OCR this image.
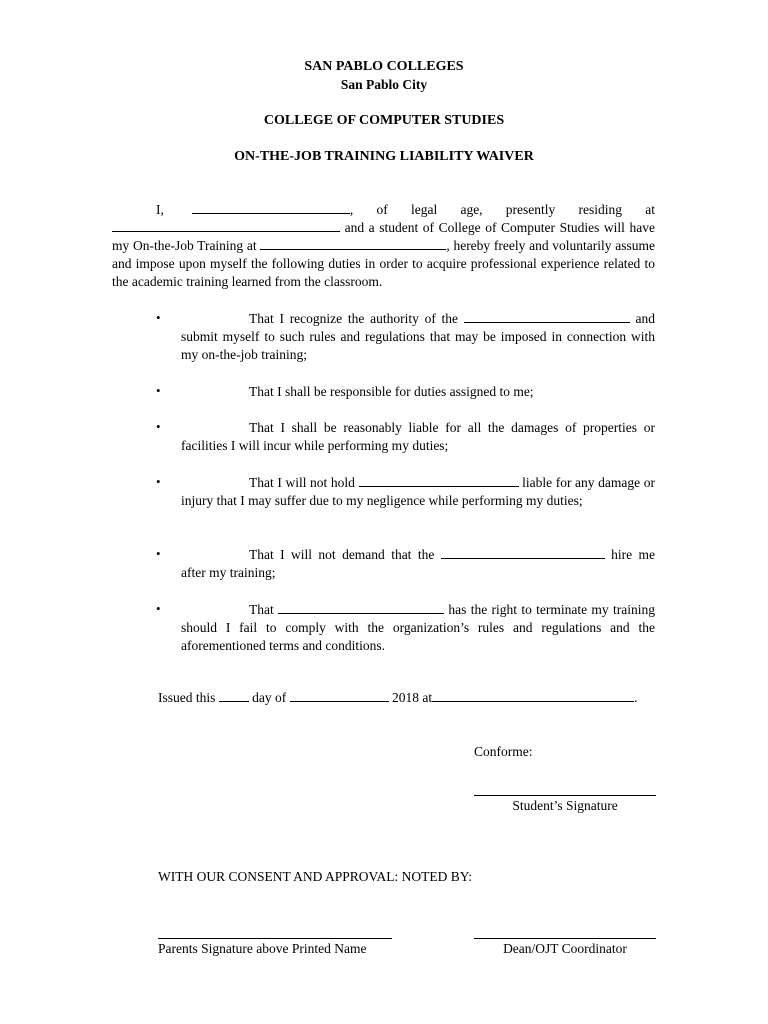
SAN PABLO COLLEGES
San Pablo City
COLLEGE OF COMPUTER STUDIES
ON-THE-JOB TRAINING LIABILITY WAIVER
I,	, of legal age, presently residing at  and a student of College of Computer Studies will have my On-the-Job Training at	, hereby freely and voluntarily assume and impose upon myself the following duties in order to acquire professional experience related to the academic training learned from the classroom.
•	That I recognize the authority of the	and submit myself to such rules and regulations that may be imposed in connection with my on-the-job training;
•	That I shall be responsible for duties assigned to me;
•	That I shall be reasonably liable for all the damages of properties or facilities I will incur while performing my duties;
•	That I will not hold	liable for any damage or injury that I may suffer due to my negligence while performing my duties;
•	That I will not demand that the	hire me after my training;
•	That	has the right to terminate my training should I fail to comply with the organization’s rules and regulations and the aforementioned terms and conditions.
Issued this  day of	2018 at	.
Conforme:
Student’s Signature
WITH OUR CONSENT AND APPROVAL: NOTED BY:
Parents Signature above Printed Name	Dean/OJT Coordinator
